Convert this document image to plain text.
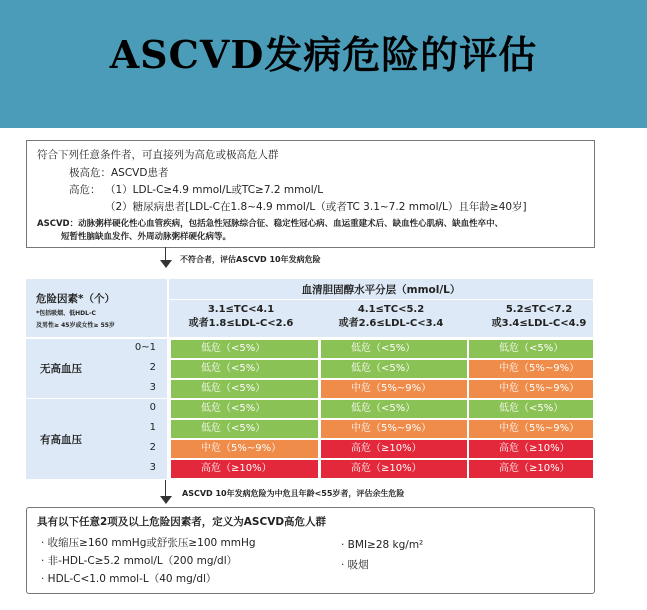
ASCVD发病危险的评估
符合下列任意条件者，可直接列为高危或极高危人群
极高危：ASCVD患者
高危： （1）LDL-C≥4.9 mmol/L或TC≥7.2 mmol/L
（2）糖尿病患者[LDL-C在1.8~4.9 mmol/L（或者TC 3.1~7.2 mmol/L）且年龄≥40岁]
ASCVD：动脉粥样硬化性心血管疾病，包括急性冠脉综合征、稳定性冠心病、血运重建术后、缺血性心肌病、缺血性卒中、
短暂性脑缺血发作、外周动脉粥样硬化病等。
不符合者，评估ASCVD 10年发病危险
危险因素*（个）
*包括吸烟、低HDL-C
及男性≥ 45岁或女性≥ 55岁
血清胆固醇水平分层（mmol/L）
3.1≤TC<4.1
或者1.8≤LDL-C<2.6
4.1≤TC<5.2
或者2.6≤LDL-C<3.4
5.2≤TC<7.2
或3.4≤LDL-C<4.9
无高血压
有高血压
0~1	低危（<5%）	低危（<5%）	低危（<5%）
2	低危（<5%）	低危（<5%）	中危（5%~9%）
3	低危（<5%）	中危（5%~9%）	中危（5%~9%）
0	低危（<5%）	低危（<5%）	低危（<5%）
1	低危（<5%）	中危（5%~9%）	中危（5%~9%）
2	中危（5%~9%）	高危（≥10%）	高危（≥10%）
3	高危（≥10%）	高危（≥10%）	高危（≥10%）
ASCVD 10年发病危险为中危且年龄<55岁者，评估余生危险
具有以下任意2项及以上危险因素者，定义为ASCVD高危人群
· 收缩压≥160 mmHg或舒张压≥100 mmHg
· 非-HDL-C≥5.2 mmol/L（200 mg/dl）
· HDL-C<1.0 mmol-L（40 mg/dl）
· BMI≥28 kg/m²
· 吸烟
